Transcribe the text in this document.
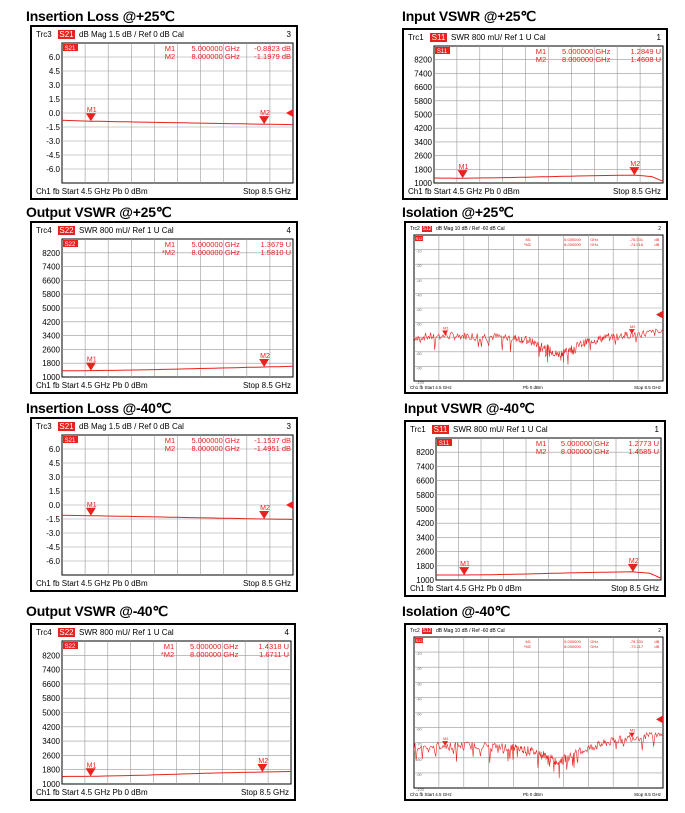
Insertion Loss @+25℃
Trc3 S21 dB Mag 1.5 dB / Ref 0 dB Cal	3
6.0
4.5
3.0
1.5
0.0
-1.5
-3.0
-4.5
-6.0
S21
M1
M1 5.000000 GHz -0.8823 dB
M2
M2 8.000000 GHz -1.1979 dB
Ch1 fb Start 4.5 GHz Pb 0 dBm	Stop 8.5 GHz
Input VSWR @+25℃
Trc1 S11 SWR 800 mU/ Ref 1 U Cal	1
8200
7400
6600
5800
5000
4200
3400
2600
1800
1000
S11
M1
M1 5.000000 GHz	1.2849 U
M2
M2 8.000000 GHz	1.4608 U
Ch1 fb Start 4.5 GHz Pb 0 dBm	Stop 8.5 GHz
Output VSWR @+25℃
Trc4 S22 SWR 800 mU/ Ref 1 U Cal	4
8200
7400
6600
5800
5000
4200
3400
2600
1800
1000
S22
M1
M1 5.000000 GHz	1.3679 U
M2
*M2 8.000000 GHz	1.5810 U
Ch1 fb Start 4.5 GHz Pb 0 dBm	Stop 8.5 GHz
Isolation @+25℃
Trc2 S12 dB Mag 10 dB / Ref -60 dB Cal	2
-10
-20
-30
-40
-50
-60
-70
-80
-90
-100
S12
M1
M1	5.000000 GHz	-75.531	dB
M2
*M2	8.000000 GHz	-74.516	dB
Ch1 fb Start 4.5 GHz	Pb 0 dBm	Stop 8.5 GHz
Insertion Loss @-40℃
Trc3 S21 dB Mag 1.5 dB / Ref 0 dB Cal	3
6.0
4.5
3.0
1.5
0.0
-1.5
-3.0
-4.5
-6.0
S21
M1
M1 5.000000 GHz -1.1537 dB
M2
M2 8.000000 GHz -1.4951 dB
Ch1 fb Start 4.5 GHz Pb 0 dBm	Stop 8.5 GHz
Input VSWR @-40℃
Trc1 S11 SWR 800 mU/ Ref 1 U Cal	1
8200
7400
6600
5800
5000
4200
3400
2600
1800
1000
S11
M1
M1 5.000000 GHz	1.2773 U
M2
M2 8.000000 GHz	1.4585 U
Ch1 fb Start 4.5 GHz Pb 0 dBm	Stop 8.5 GHz
Output VSWR @-40℃
Trc4 S22 SWR 800 mU/ Ref 1 U Cal	4
8200
7400
6600
5800
5000
4200
3400
2600
1800
1000
S22
M1
M1 5.000000 GHz	1.4318 U
M2
*M2 8.000000 GHz	1.6711 U
Ch1 fb Start 4.5 GHz Pb 0 dBm	Stop 8.5 GHz
Isolation @-40℃
Trc2 S12 dB Mag 10 dB / Ref -60 dB Cal	2
-10
-20
-30
-40
-50
-60
-70
-80
-90
-100
S12
M1
M1	5.000000 GHz	-79.331	dB
M2
*M2	8.000000 GHz	-73.117	dB
Ch1 fb Start 4.5 GHz	Pb 0 dBm	Stop 8.5 GHz
